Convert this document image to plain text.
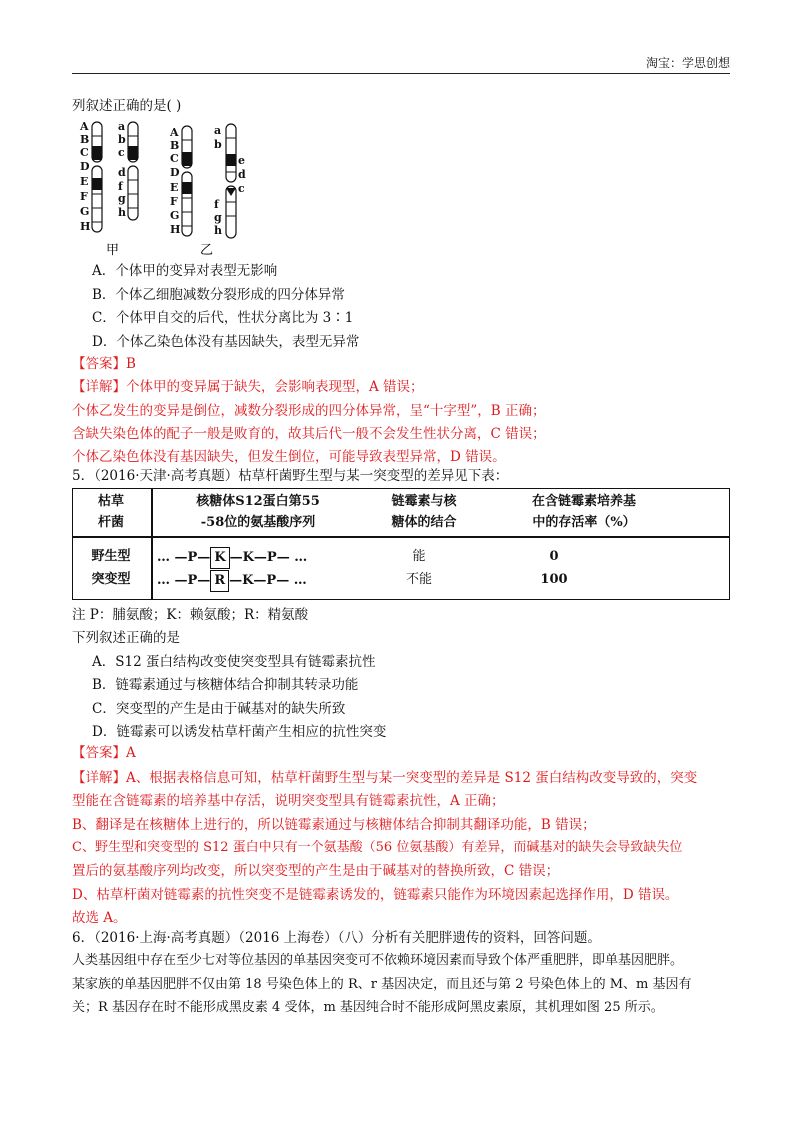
淘宝：学思创想
列叙述正确的是( )
A
B
C
D
E
F
G
H
a
b
c
d
f
g
h
A
B
C
D
E
F
G
H
a
b
e
d
c
f
g
h
甲	乙
A．个体甲的变异对表型无影响
B．个体乙细胞减数分裂形成的四分体异常
C．个体甲自交的后代，性状分离比为 3∶1
D．个体乙染色体没有基因缺失，表型无异常
【答案】B
【详解】个体甲的变异属于缺失，会影响表现型，A 错误；
个体乙发生的变异是倒位，减数分裂形成的四分体异常，呈“十字型”，B 正确；
含缺失染色体的配子一般是败育的，故其后代一般不会发生性状分离，C 错误；
个体乙染色体没有基因缺失，但发生倒位，可能导致表型异常，D 错误。
5．（2016·天津·高考真题）枯草杆菌野生型与某一突变型的差异见下表：
枯草
杆菌
核糖体S12蛋白第55
-58位的氨基酸序列
链霉素与核
糖体的结合
在含链霉素培养基
中的存活率（%）
野生型
突变型
… —P— K —K—P— …
… —P— R —K—P— …
能
不能
0
100
注 P：脯氨酸；K：赖氨酸；R：精氨酸
下列叙述正确的是
A．S12 蛋白结构改变使突变型具有链霉素抗性
B．链霉素通过与核糖体结合抑制其转录功能
C．突变型的产生是由于碱基对的缺失所致
D．链霉素可以诱发枯草杆菌产生相应的抗性突变
【答案】A
【详解】A、根据表格信息可知，枯草杆菌野生型与某一突变型的差异是 S12 蛋白结构改变导致的，突变
型能在含链霉素的培养基中存活，说明突变型具有链霉素抗性，A 正确；
B、翻译是在核糖体上进行的，所以链霉素通过与核糖体结合抑制其翻译功能，B 错误；
C、野生型和突变型的 S12 蛋白中只有一个氨基酸（56 位氨基酸）有差异，而碱基对的缺失会导致缺失位
置后的氨基酸序列均改变，所以突变型的产生是由于碱基对的替换所致，C 错误；
D、枯草杆菌对链霉素的抗性突变不是链霉素诱发的，链霉素只能作为环境因素起选择作用，D 错误。
故选 A。
6．（2016·上海·高考真题）（2016 上海卷）（八）分析有关肥胖遗传的资料，回答问题。
人类基因组中存在至少七对等位基因的单基因突变可不依赖环境因素而导致个体严重肥胖，即单基因肥胖。
某家族的单基因肥胖不仅由第 18 号染色体上的 R、r 基因决定，而且还与第 2 号染色体上的 M、m 基因有
关；R 基因存在时不能形成黑皮素 4 受体，m 基因纯合时不能形成阿黑皮素原，其机理如图 25 所示。
